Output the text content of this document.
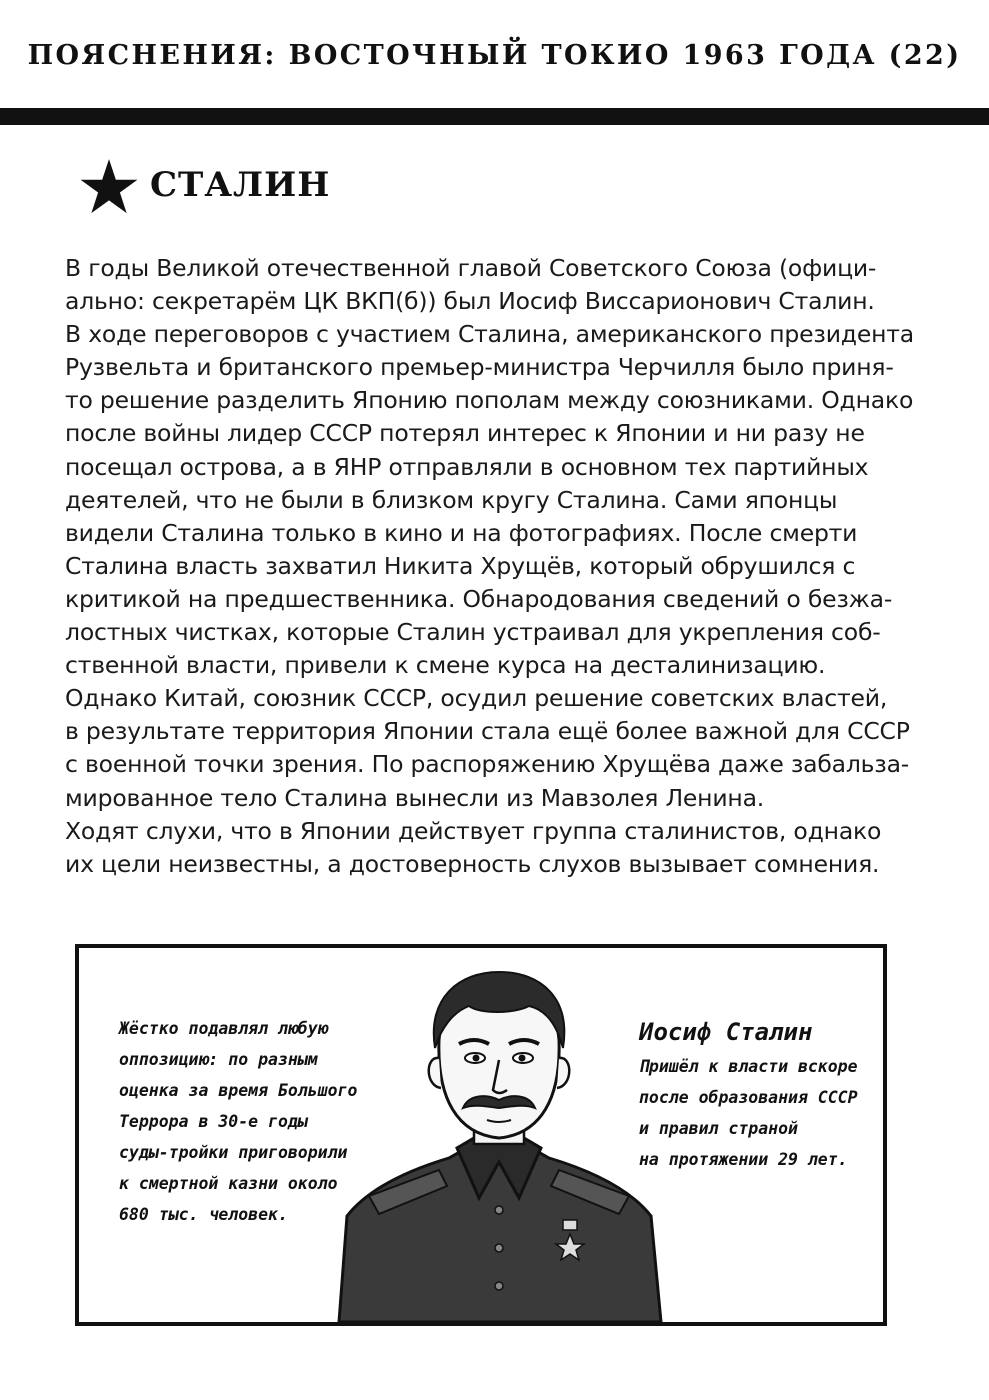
ПОЯСНЕНИЯ: ВОСТОЧНЫЙ ТОКИО 1963 ГОДА (22)
СТАЛИН
В годы Великой отечественной главой Советского Союза (офици-
ально: секретарём ЦК ВКП(б)) был Иосиф Виссарионович Сталин.
В ходе переговоров с участием Сталина, американского президента
Рузвельта и британского премьер-министра Черчилля было приня-
то решение разделить Японию пополам между союзниками. Однако
после войны лидер СССР потерял интерес к Японии и ни разу не
посещал острова, а в ЯНР отправляли в основном тех партийных
деятелей, что не были в близком кругу Сталина. Сами японцы
видели Сталина только в кино и на фотографиях. После смерти
Сталина власть захватил Никита Хрущёв, который обрушился с
критикой на предшественника. Обнародования сведений о безжа-
лостных чистках, которые Сталин устраивал для укрепления соб-
ственной власти, привели к смене курса на десталинизацию.
Однако Китай, союзник СССР, осудил решение советских властей,
в результате территория Японии стала ещё более важной для СССР
с военной точки зрения. По распоряжению Хрущёва даже забальза-
мированное тело Сталина вынесли из Мавзолея Ленина.
Ходят слухи, что в Японии действует группа сталинистов, однако
их цели неизвестны, а достоверность слухов вызывает сомнения.
Жёстко подавлял любую
оппозицию: по разным
оценка за время Большого
Террора в 30-е годы
суды-тройки приговорили
к смертной казни около
680 тыс. человек.
Иосиф Сталин
Пришёл к власти вскоре
после образования СССР
и правил страной
на протяжении 29 лет.
